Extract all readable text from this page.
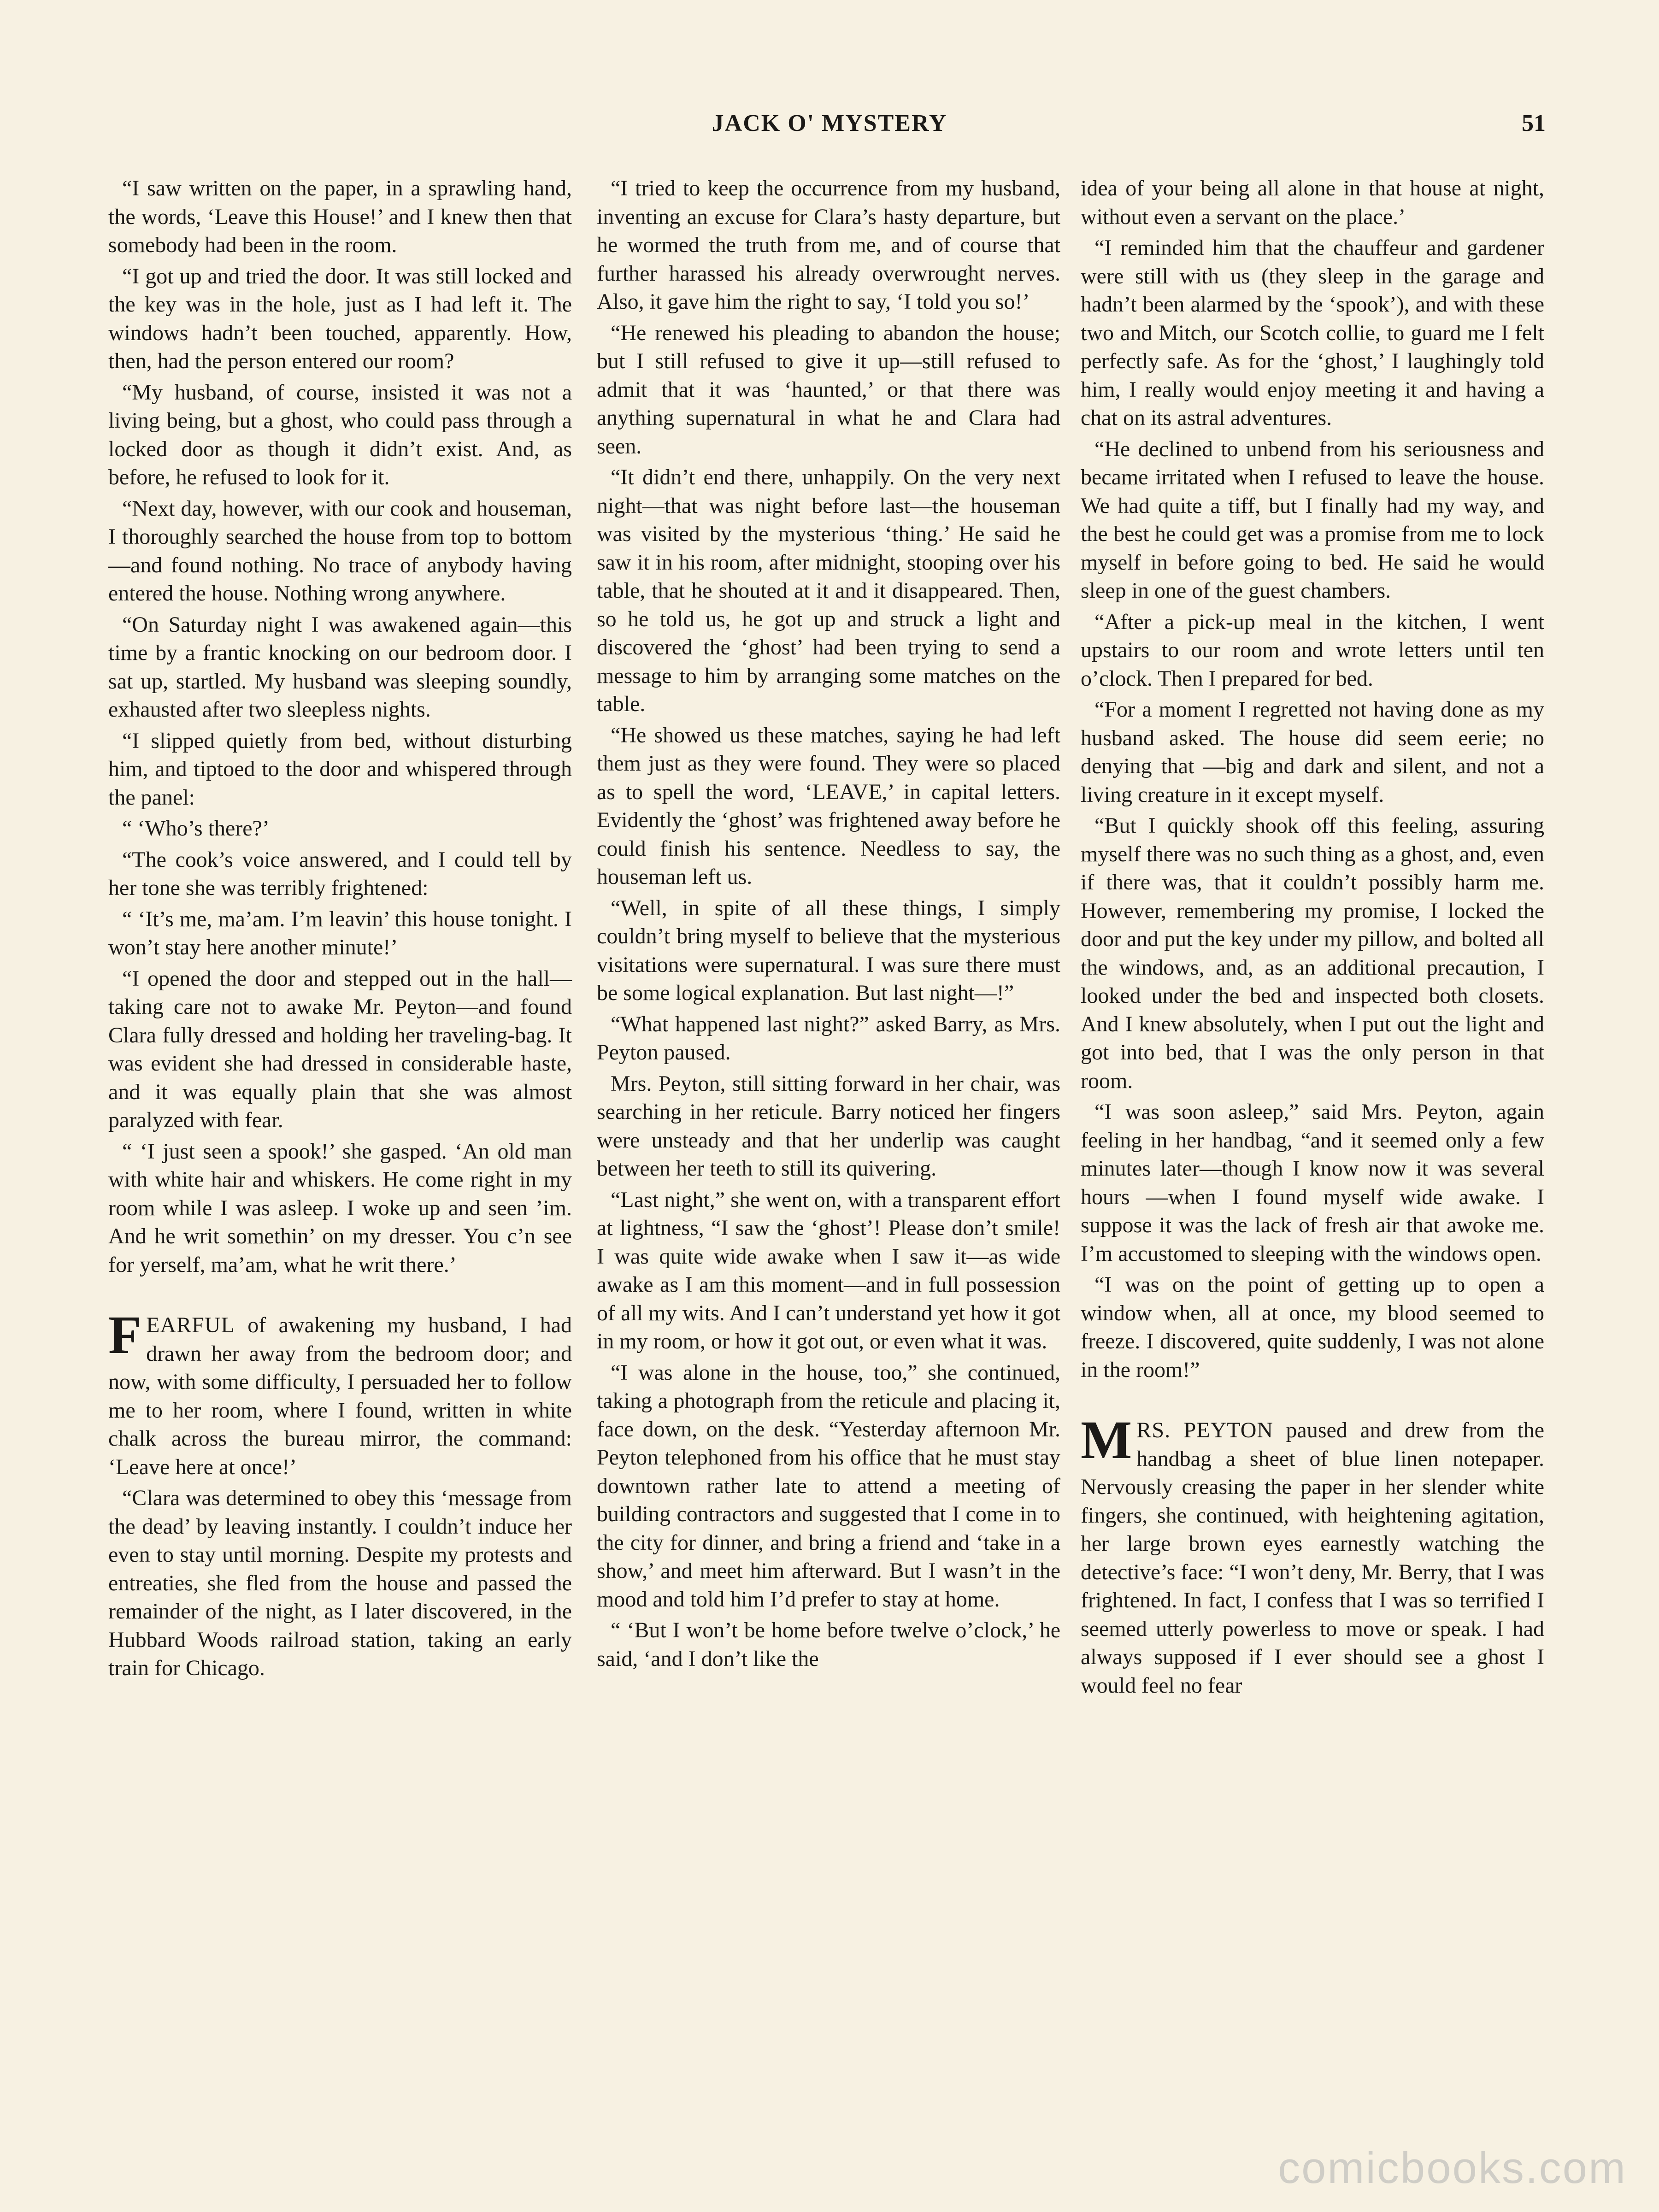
JACK O' MYSTERY	51

“I saw written on the paper, in a sprawling hand, the words, ‘Leave this House!’ and I knew then that somebody had been in the room.

“I got up and tried the door. It was still locked and the key was in the hole, just as I had left it. The windows hadn’t been touched, apparently. How, then, had the person entered our room?

“My husband, of course, insisted it was not a living being, but a ghost, who could pass through a locked door as though it didn’t exist. And, as before, he refused to look for it.

“Next day, however, with our cook and houseman, I thoroughly searched the house from top to bottom—and found nothing. No trace of anybody having entered the house. Nothing wrong anywhere.

“On Saturday night I was awakened again—this time by a frantic knocking on our bedroom door. I sat up, startled. My husband was sleeping soundly, exhausted after two sleepless nights.

“I slipped quietly from bed, without disturbing him, and tiptoed to the door and whispered through the panel:

“ ‘Who’s there?’

“The cook’s voice answered, and I could tell by her tone she was terribly frightened:

“ ‘It’s me, ma’am. I’m leavin’ this house tonight. I won’t stay here another minute!’

“I opened the door and stepped out in the hall—taking care not to awake Mr. Peyton—and found Clara fully dressed and holding her traveling-bag. It was evident she had dressed in considerable haste, and it was equally plain that she was almost paralyzed with fear.

“ ‘I just seen a spook!’ she gasped. ‘An old man with white hair and whiskers. He come right in my room while I was asleep. I woke up and seen ’im. And he writ somethin’ on my dresser. You c’n see for yerself, ma’am, what he writ there.’

FEARFUL of awakening my husband, I had drawn her away from the bedroom door; and now, with some difficulty, I persuaded her to follow me to her room, where I found, written in white chalk across the bureau mirror, the command: ‘Leave here at once!’

“Clara was determined to obey this ‘message from the dead’ by leaving instantly. I couldn’t induce her even to stay until morning. Despite my protests and entreaties, she fled from the house and passed the remainder of the night, as I later discovered, in the Hubbard Woods railroad station, taking an early train for Chicago.

“I tried to keep the occurrence from my husband, inventing an excuse for Clara’s hasty departure, but he wormed the truth from me, and of course that further harassed his already overwrought nerves. Also, it gave him the right to say, ‘I told you so!’

“He renewed his pleading to abandon the house; but I still refused to give it up—still refused to admit that it was ‘haunted,’ or that there was anything supernatural in what he and Clara had seen.

“It didn’t end there, unhappily. On the very next night—that was night before last—the houseman was visited by the mysterious ‘thing.’ He said he saw it in his room, after midnight, stooping over his table, that he shouted at it and it disappeared. Then, so he told us, he got up and struck a light and discovered the ‘ghost’ had been trying to send a message to him by arranging some matches on the table.

“He showed us these matches, saying he had left them just as they were found. They were so placed as to spell the word, ‘LEAVE,’ in capital letters. Evidently the ‘ghost’ was frightened away before he could finish his sentence. Needless to say, the houseman left us.

“Well, in spite of all these things, I simply couldn’t bring myself to believe that the mysterious visitations were supernatural. I was sure there must be some logical explanation. But last night—!”

“What happened last night?” asked Barry, as Mrs. Peyton paused.

Mrs. Peyton, still sitting forward in her chair, was searching in her reticule. Barry noticed her fingers were unsteady and that her underlip was caught between her teeth to still its quivering.

“Last night,” she went on, with a transparent effort at lightness, “I saw the ‘ghost’! Please don’t smile! I was quite wide awake when I saw it—as wide awake as I am this moment—and in full possession of all my wits. And I can’t understand yet how it got in my room, or how it got out, or even what it was.

“I was alone in the house, too,” she continued, taking a photograph from the reticule and placing it, face down, on the desk. “Yesterday afternoon Mr. Peyton telephoned from his office that he must stay downtown rather late to attend a meeting of building contractors and suggested that I come in to the city for dinner, and bring a friend and ‘take in a show,’ and meet him afterward. But I wasn’t in the mood and told him I’d prefer to stay at home.

“ ‘But I won’t be home before twelve o’clock,’ he said, ‘and I don’t like the

idea of your being all alone in that house at night, without even a servant on the place.’

“I reminded him that the chauffeur and gardener were still with us (they sleep in the garage and hadn’t been alarmed by the ‘spook’), and with these two and Mitch, our Scotch collie, to guard me I felt perfectly safe. As for the ‘ghost,’ I laughingly told him, I really would enjoy meeting it and having a chat on its astral adventures.

“He declined to unbend from his seriousness and became irritated when I refused to leave the house. We had quite a tiff, but I finally had my way, and the best he could get was a promise from me to lock myself in before going to bed. He said he would sleep in one of the guest chambers.

“After a pick-up meal in the kitchen, I went upstairs to our room and wrote letters until ten o’clock. Then I prepared for bed.

“For a moment I regretted not having done as my husband asked. The house did seem eerie; no denying that —big and dark and silent, and not a living creature in it except myself.

“But I quickly shook off this feeling, assuring myself there was no such thing as a ghost, and, even if there was, that it couldn’t possibly harm me. However, remembering my promise, I locked the door and put the key under my pillow, and bolted all the windows, and, as an additional precaution, I looked under the bed and inspected both closets. And I knew absolutely, when I put out the light and got into bed, that I was the only person in that room.

“I was soon asleep,” said Mrs. Peyton, again feeling in her handbag, “and it seemed only a few minutes later—though I know now it was several hours —when I found myself wide awake. I suppose it was the lack of fresh air that awoke me. I’m accustomed to sleeping with the windows open.

“I was on the point of getting up to open a window when, all at once, my blood seemed to freeze. I discovered, quite suddenly, I was not alone in the room!”

MRS. PEYTON paused and drew from the handbag a sheet of blue linen notepaper. Nervously creasing the paper in her slender white fingers, she continued, with heightening agitation, her large brown eyes earnestly watching the detective’s face: “I won’t deny, Mr. Berry, that I was frightened. In fact, I confess that I was so terrified I seemed utterly powerless to move or speak. I had always supposed if I ever should see a ghost I would feel no fear

comicbooks.com
